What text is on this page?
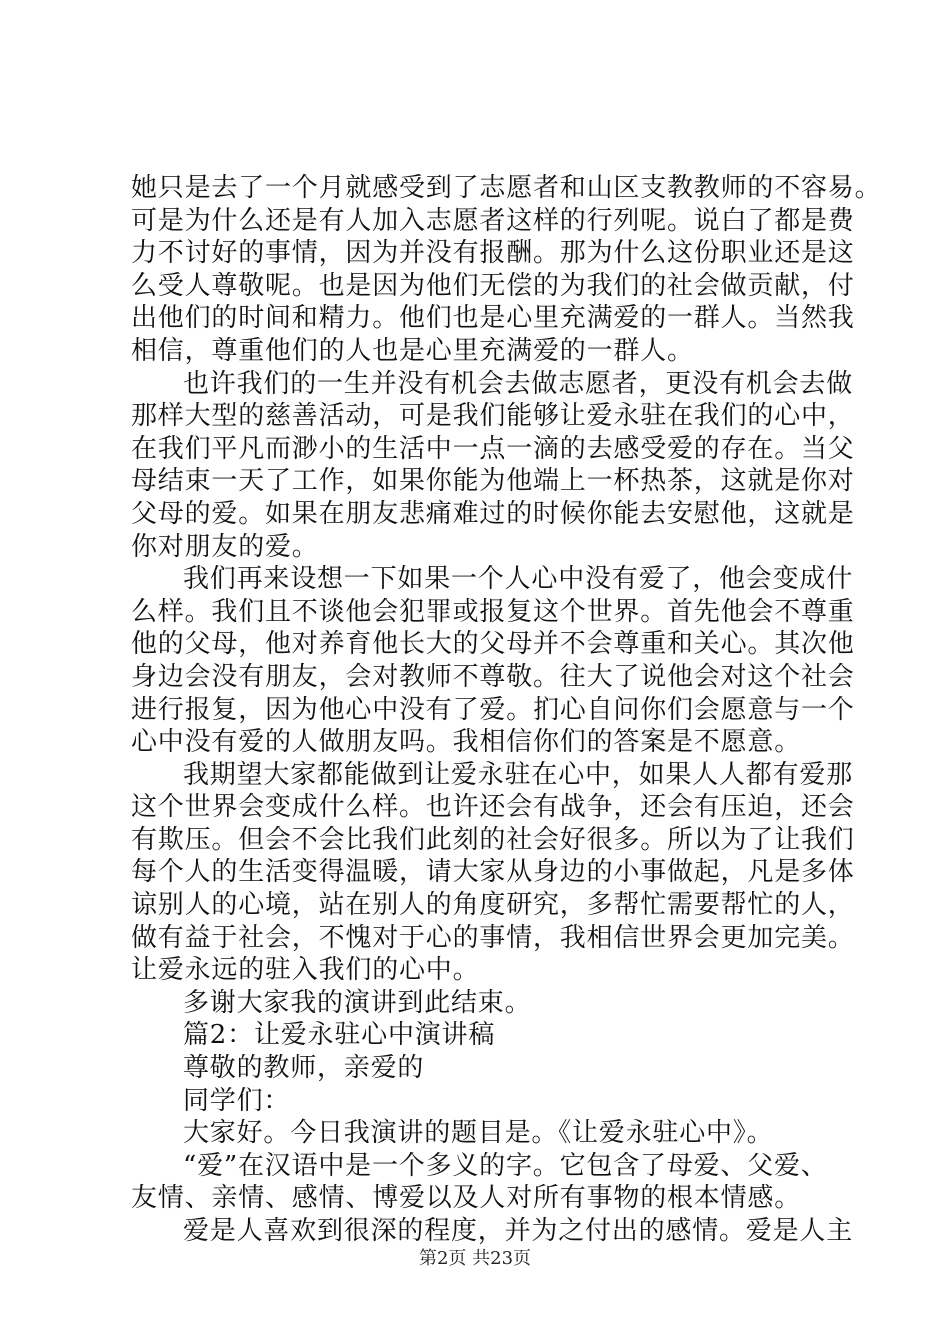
她只是去了一个月就感受到了志愿者和山区支教教师的不容易。
可是为什么还是有人加入志愿者这样的行列呢。说白了都是费
力不讨好的事情，因为并没有报酬。那为什么这份职业还是这
么受人尊敬呢。也是因为他们无偿的为我们的社会做贡献，付
出他们的时间和精力。他们也是心里充满爱的一群人。当然我
相信，尊重他们的人也是心里充满爱的一群人。
也许我们的一生并没有机会去做志愿者，更没有机会去做
那样大型的慈善活动，可是我们能够让爱永驻在我们的心中，
在我们平凡而渺小的生活中一点一滴的去感受爱的存在。当父
母结束一天了工作，如果你能为他端上一杯热茶，这就是你对
父母的爱。如果在朋友悲痛难过的时候你能去安慰他，这就是
你对朋友的爱。
我们再来设想一下如果一个人心中没有爱了，他会变成什
么样。我们且不谈他会犯罪或报复这个世界。首先他会不尊重
他的父母，他对养育他长大的父母并不会尊重和关心。其次他
身边会没有朋友，会对教师不尊敬。往大了说他会对这个社会
进行报复，因为他心中没有了爱。扪心自问你们会愿意与一个
心中没有爱的人做朋友吗。我相信你们的答案是不愿意。
我期望大家都能做到让爱永驻在心中，如果人人都有爱那
这个世界会变成什么样。也许还会有战争，还会有压迫，还会
有欺压。但会不会比我们此刻的社会好很多。所以为了让我们
每个人的生活变得温暖，请大家从身边的小事做起，凡是多体
谅别人的心境，站在别人的角度研究，多帮忙需要帮忙的人，
做有益于社会，不愧对于心的事情，我相信世界会更加完美。
让爱永远的驻入我们的心中。
多谢大家我的演讲到此结束。
篇2：让爱永驻心中演讲稿
尊敬的教师，亲爱的
同学们：
大家好。今日我演讲的题目是。《让爱永驻心中》。
“爱”在汉语中是一个多义的字。它包含了母爱、父爱、
友情、亲情、感情、博爱以及人对所有事物的根本情感。
爱是人喜欢到很深的程度，并为之付出的感情。爱是人主
第2页 共23页
